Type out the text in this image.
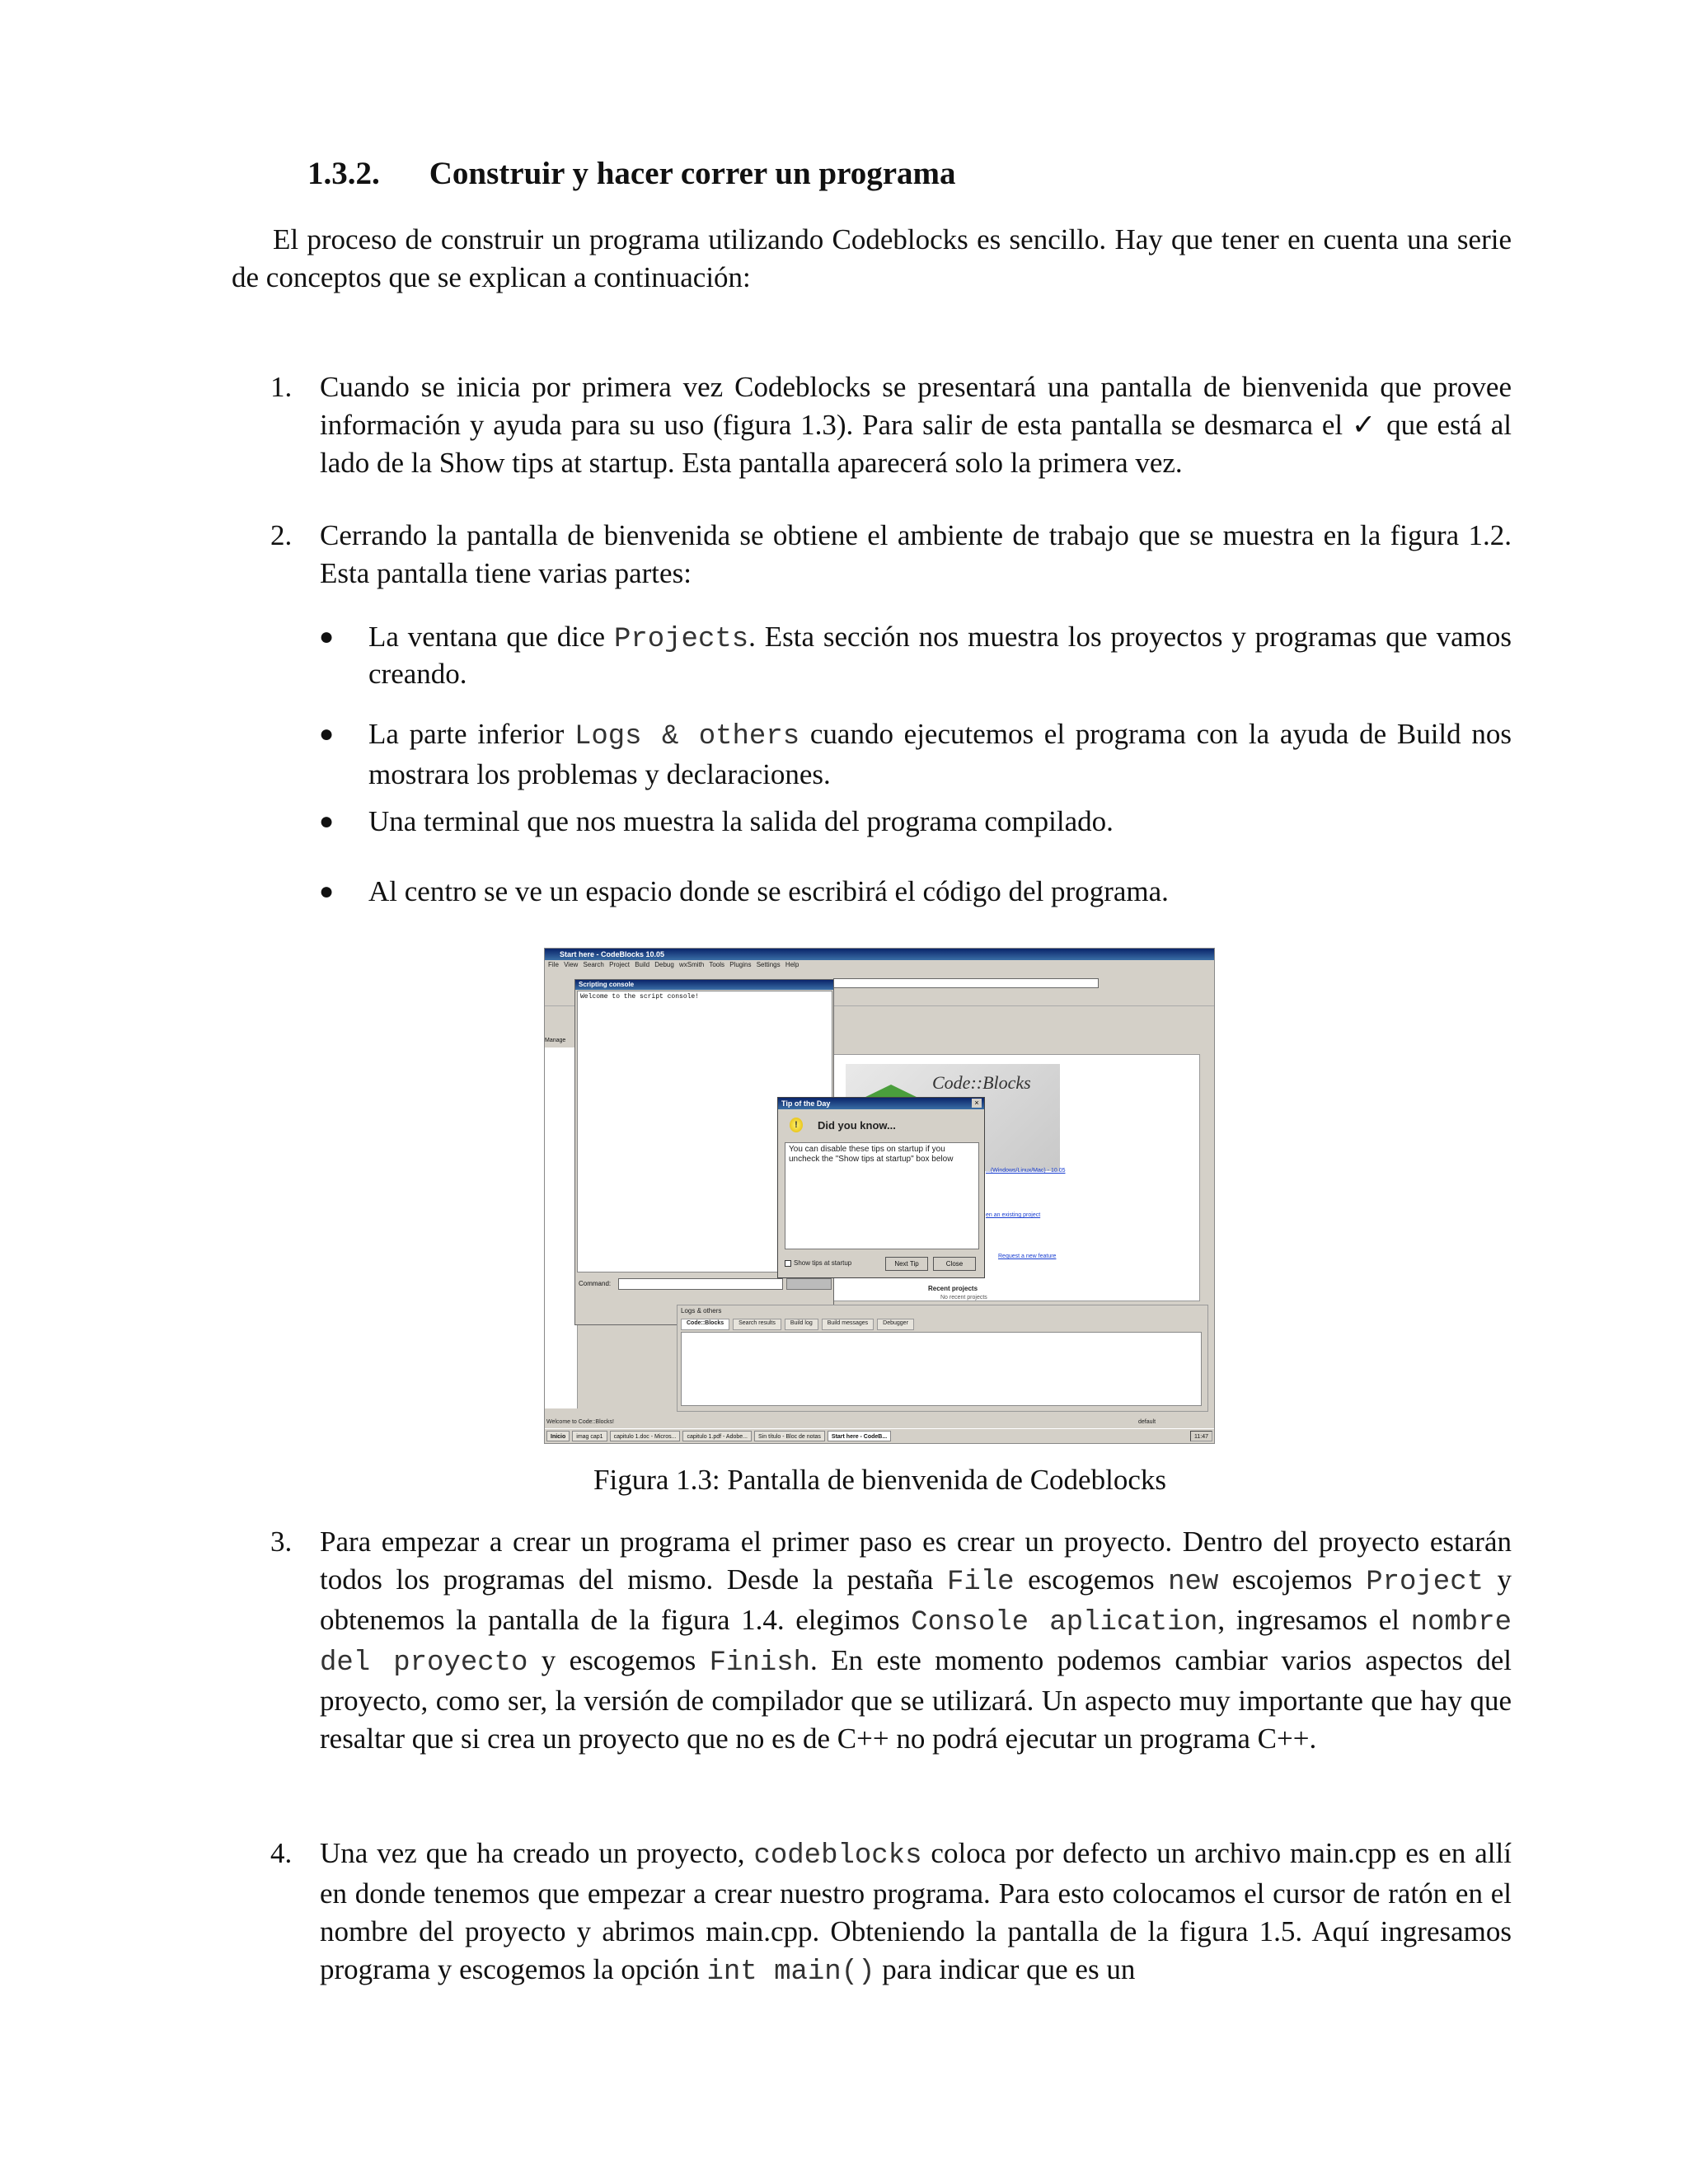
1.3.2. Construir y hacer correr un programa
El proceso de construir un programa utilizando Codeblocks es sencillo. Hay que tener en cuenta una serie de conceptos que se explican a continuación:
1. Cuando se inicia por primera vez Codeblocks se presentará una pantalla de bienvenida que provee información y ayuda para su uso (figura 1.3). Para salir de esta pantalla se desmarca el ✓ que está al lado de la Show tips at startup. Esta pantalla aparecerá solo la primera vez.
2. Cerrando la pantalla de bienvenida se obtiene el ambiente de trabajo que se muestra en la figura 1.2. Esta pantalla tiene varias partes:
● La ventana que dice Projects. Esta sección nos muestra los proyectos y programas que vamos creando.
● La parte inferior Logs & others cuando ejecutemos el programa con la ayuda de Build nos mostrara los problemas y declaraciones.
● Una terminal que nos muestra la salida del programa compilado.
● Al centro se ve un espacio donde se escribirá el código del programa.
Start here - CodeBlocks 10.05
File View Search Project Build Debug wxSmith Tools Plugins Settings Help
Manage
Code::Blocks
...(Windows/Linux/Mac) - 10.05
en an existing project
Request a new feature
Recent projects
No recent projects
Scripting console
Welcome to the script console!
Command:
Tip of the Day	×
!	Did you know...
You can disable these tips on startup if you uncheck the "Show tips at startup" box below
Show tips at startup	Next Tip	Close
Logs & others
Code::Blocks	Search results	Build log	Build messages	Debugger
Welcome to Code::Blocks!	default
Inicio	imag cap1	capitulo 1.doc - Micros...	capitulo 1.pdf - Adobe...	Sin título - Bloc de notas	Start here - CodeB...	11:47
Figura 1.3: Pantalla de bienvenida de Codeblocks
3. Para empezar a crear un programa el primer paso es crear un proyecto. Dentro del proyecto estarán todos los programas del mismo. Desde la pestaña File escogemos new escojemos Project y obtenemos la pantalla de la figura 1.4. elegimos Console aplication, ingresamos el nombre del proyecto y escogemos Finish. En este momento podemos cambiar varios aspectos del proyecto, como ser, la versión de compilador que se utilizará. Un aspecto muy importante que hay que resaltar que si crea un proyecto que no es de C++ no podrá ejecutar un programa C++.
4. Una vez que ha creado un proyecto, codeblocks coloca por defecto un archivo main.cpp es en allí en donde tenemos que empezar a crear nuestro programa. Para esto colocamos el cursor de ratón en el nombre del proyecto y abrimos main.cpp. Obteniendo la pantalla de la figura 1.5. Aquí ingresamos programa y escogemos la opción int main() para indicar que es un
